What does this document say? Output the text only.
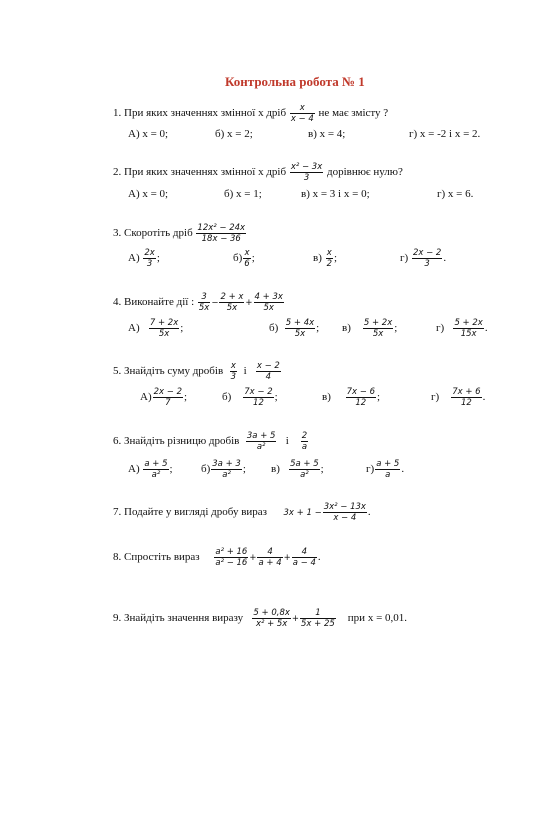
Контрольна робота № 1
1. При яких значеннях змінної х дріб $\frac{x}{x - 4}$ не має змісту ?
А) х = 0;	б) х = 2;	в) х = 4;	г) х = -2 і х = 2.
2. При яких значеннях змінної х дріб $\frac{\text{x² − 3x}}{3}$ дорівнює нулю?
А) х = 0;	б) х = 1;	в) х = 3 і х = 0;	г) х = 6.
3. Скоротіть дріб $\frac{\text{12x² − 24x}}{18x - 36}$
$А) \frac{2x}{3}$ ;	$б) \frac{x}{6}$ ;	$в) \frac{x}{2}$ ;	$г) \frac{2x - 2}{3}$ .
4. Виконайте дії : $\frac{3}{5x} - \frac{2 + x}{5x} + \frac{4 + 3x}{5x}$
$А) \frac{7 + 2x}{5x}$ ;	$б) \frac{5 + 4x}{5x}$ ; $в) \frac{5 + 2x}{5x}$ ;	$г) \frac{5 + 2x}{15x}$ .
5. Знайдіть суму дробів $\frac{x}{3}$ і $\frac{x - 2}{4}$
$А) \frac{2x - 2}{7}$ ;	$б) \frac{7x - 2}{12}$ ;	$в) \frac{7x - 6}{12}$ ;	$г) \frac{7x + 6}{12}$ .
6. Знайдіть різницю дробів $\frac{3a + 5}{\text{a²}}$ і $\frac{2}{a}$
$А) \frac{a + 5}{\text{a²}}$ ;	$б) \frac{3a + 3}{\text{a²}}$ ; $в) \frac{5a + 5}{\text{a²}}$ ;	$г) \frac{a + 5}{a}$ .
7. Подайте у вигляді дробу вираз $3x + 1 - \frac{\text{3x² − 13x}}{x - 4}$ .
8. Спростіть вираз $\frac{\text{a² + 16}}{\text{a² − 16}} + \frac{4}{a + 4} + \frac{4}{a - 4}$ .
9. Знайдіть значення виразу $\frac{5 + 0,8x}{\text{x² + 5x}} + \frac{1}{5x + 25}$ при х = 0,01.
